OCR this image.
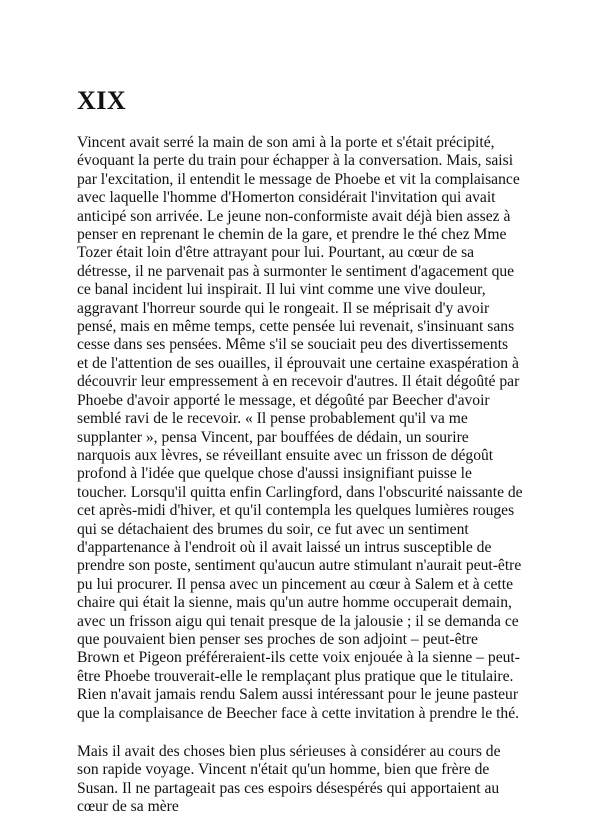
XIX

Vincent avait serré la main de son ami à la porte et s'était précipité, évoquant la perte du train pour échapper à la conversation. Mais, saisi par l'excitation, il entendit le message de Phoebe et vit la complaisance avec laquelle l'homme d'Homerton considérait l'invitation qui avait anticipé son arrivée. Le jeune non-conformiste avait déjà bien assez à penser en reprenant le chemin de la gare, et prendre le thé chez Mme Tozer était loin d'être attrayant pour lui. Pourtant, au cœur de sa détresse, il ne parvenait pas à surmonter le sentiment d'agacement que ce banal incident lui inspirait. Il lui vint comme une vive douleur, aggravant l'horreur sourde qui le rongeait. Il se méprisait d'y avoir pensé, mais en même temps, cette pensée lui revenait, s'insinuant sans cesse dans ses pensées. Même s'il se souciait peu des divertissements et de l'attention de ses ouailles, il éprouvait une certaine exaspération à découvrir leur empressement à en recevoir d'autres. Il était dégoûté par Phoebe d'avoir apporté le message, et dégoûté par Beecher d'avoir semblé ravi de le recevoir. « Il pense probablement qu'il va me supplanter », pensa Vincent, par bouffées de dédain, un sourire narquois aux lèvres, se réveillant ensuite avec un frisson de dégoût profond à l'idée que quelque chose d'aussi insignifiant puisse le toucher. Lorsqu'il quitta enfin Carlingford, dans l'obscurité naissante de cet après-midi d'hiver, et qu'il contempla les quelques lumières rouges qui se détachaient des brumes du soir, ce fut avec un sentiment d'appartenance à l'endroit où il avait laissé un intrus susceptible de prendre son poste, sentiment qu'aucun autre stimulant n'aurait peut-être pu lui procurer. Il pensa avec un pincement au cœur à Salem et à cette chaire qui était la sienne, mais qu'un autre homme occuperait demain, avec un frisson aigu qui tenait presque de la jalousie ; il se demanda ce que pouvaient bien penser ses proches de son adjoint – peut-être Brown et Pigeon préféreraient-ils cette voix enjouée à la sienne – peut-être Phoebe trouverait-elle le remplaçant plus pratique que le titulaire. Rien n'avait jamais rendu Salem aussi intéressant pour le jeune pasteur que la complaisance de Beecher face à cette invitation à prendre le thé.

Mais il avait des choses bien plus sérieuses à considérer au cours de son rapide voyage. Vincent n'était qu'un homme, bien que frère de Susan. Il ne partageait pas ces espoirs désespérés qui apportaient au cœur de sa mère
